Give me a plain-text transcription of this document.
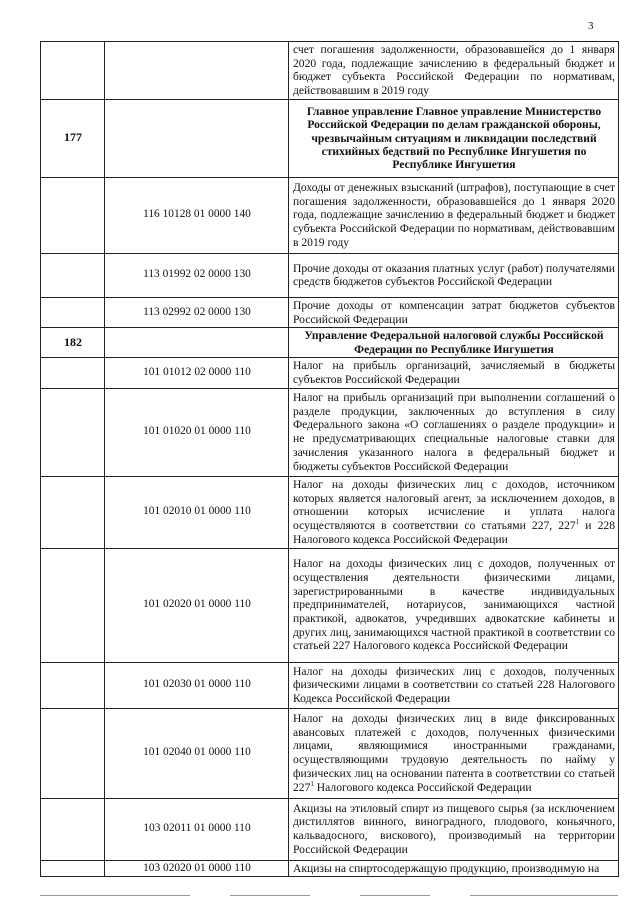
3
		счет погашения задолженности, образовавшейся до 1 января 2020 года, подлежащие зачислению в федеральный бюджет и бюджет субъекта Российской Федерации по нормативам, действовавшим в 2019 году
177		Главное управление Главное управление Министерство Российской Федерации по делам гражданской обороны, чрезвычайным ситуациям и ликвидации последствий стихийных бедствий по Республике Ингушетия по Республике Ингушетия
	116 10128 01 0000 140	Доходы от денежных взысканий (штрафов), поступающие в счет погашения задолженности, образовавшейся до 1 января 2020 года, подлежащие зачислению в федеральный бюджет и бюджет субъекта Российской Федерации по нормативам, действовавшим в 2019 году
	113 01992 02 0000 130	Прочие доходы от оказания платных услуг (работ) получателями средств бюджетов субъектов Российской Федерации
	113 02992 02 0000 130	Прочие доходы от компенсации затрат бюджетов субъектов Российской Федерации
182		Управление Федеральной налоговой службы Российской Федерации по Республике Ингушетия
	101 01012 02 0000 110	Налог на прибыль организаций, зачисляемый в бюджеты субъектов Российской Федерации
	101 01020 01 0000 110	Налог на прибыль организаций при выполнении соглашений о разделе продукции, заключенных до вступления в силу Федерального закона «О соглашениях о разделе продукции» и не предусматривающих специальные налоговые ставки для зачисления указанного налога в федеральный бюджет и бюджеты субъектов Российской Федерации
	101 02010 01 0000 110	Налог на доходы физических лиц с доходов, источником которых является налоговый агент, за исключением доходов, в отношении которых исчисление и уплата налога осуществляются в соответствии со статьями 227, $227^1$ и 228 Налогового кодекса Российской Федерации
	101 02020 01 0000 110	Налог на доходы физических лиц с доходов, полученных от осуществления деятельности физическими лицами, зарегистрированными в качестве индивидуальных предпринимателей, нотариусов, занимающихся частной практикой, адвокатов, учредивших адвокатские кабинеты и других лиц, занимающихся частной практикой в соответствии со статьей 227 Налогового кодекса Российской Федерации
	101 02030 01 0000 110	Налог на доходы физических лиц с доходов, полученных физическими лицами в соответствии со статьей 228 Налогового Кодекса Российской Федерации
	101 02040 01 0000 110	Налог на доходы физических лиц в виде фиксированных авансовых платежей с доходов, полученных физическими лицами, являющимися иностранными гражданами, осуществляющими трудовую деятельность по найму у физических лиц на основании патента в соответствии со статьей $227^1$ Налогового кодекса Российской Федерации
	103 02011 01 0000 110	Акцизы на этиловый спирт из пищевого сырья (за исключением дистиллятов винного, виноградного, плодового, коньячного, кальвадосного, вискового), производимый на территории Российской Федерации
	103 02020 01 0000 110	Акцизы на спиртосодержащую продукцию, производимую на
